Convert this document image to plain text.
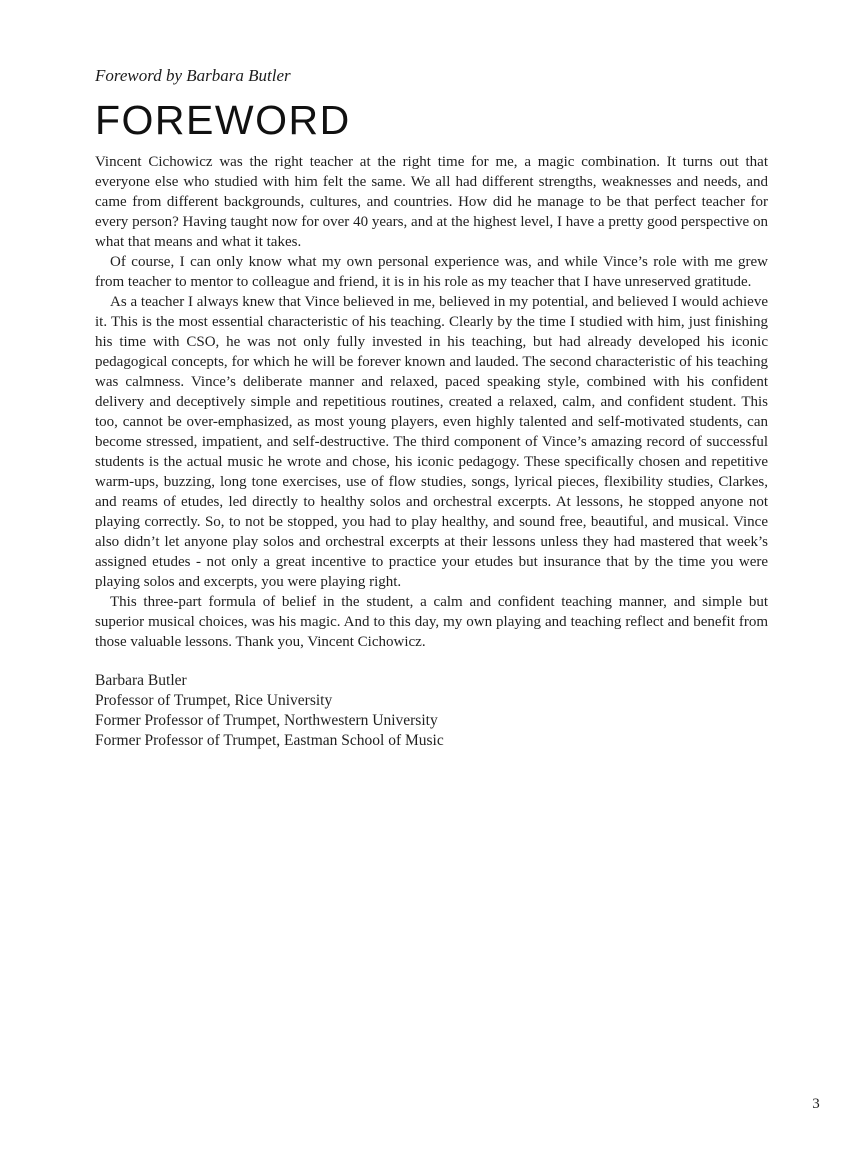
Foreword by Barbara Butler

FOREWORD

Vincent Cichowicz was the right teacher at the right time for me, a magic combination. It turns out that everyone else who studied with him felt the same. We all had different strengths, weaknesses and needs, and came from different backgrounds, cultures, and countries. How did he manage to be that perfect teacher for every person? Having taught now for over 40 years, and at the highest level, I have a pretty good perspective on what that means and what it takes.

Of course, I can only know what my own personal experience was, and while Vince’s role with me grew from teacher to mentor to colleague and friend, it is in his role as my teacher that I have unreserved gratitude.

As a teacher I always knew that Vince believed in me, believed in my potential, and believed I would achieve it. This is the most essential characteristic of his teaching. Clearly by the time I studied with him, just finishing his time with CSO, he was not only fully invested in his teaching, but had already developed his iconic pedagogical concepts, for which he will be forever known and lauded. The second characteristic of his teaching was calmness. Vince’s deliberate manner and relaxed, paced speaking style, combined with his confident delivery and deceptively simple and repetitious routines, created a relaxed, calm, and confident student. This too, cannot be over-emphasized, as most young players, even highly talented and self-motivated students, can become stressed, impatient, and self-destructive. The third component of Vince’s amazing record of successful students is the actual music he wrote and chose, his iconic pedagogy. These specifically chosen and repetitive warm-ups, buzzing, long tone exercises, use of flow studies, songs, lyrical pieces, flexibility studies, Clarkes, and reams of etudes, led directly to healthy solos and orchestral excerpts. At lessons, he stopped anyone not playing correctly. So, to not be stopped, you had to play healthy, and sound free, beautiful, and musical. Vince also didn’t let anyone play solos and orchestral excerpts at their lessons unless they had mastered that week’s assigned etudes - not only a great incentive to practice your etudes but insurance that by the time you were playing solos and excerpts, you were playing right.

This three-part formula of belief in the student, a calm and confident teaching manner, and simple but superior musical choices, was his magic. And to this day, my own playing and teaching reflect and benefit from those valuable lessons. Thank you, Vincent Cichowicz.

Barbara Butler
Professor of Trumpet, Rice University
Former Professor of Trumpet, Northwestern University
Former Professor of Trumpet, Eastman School of Music
3
